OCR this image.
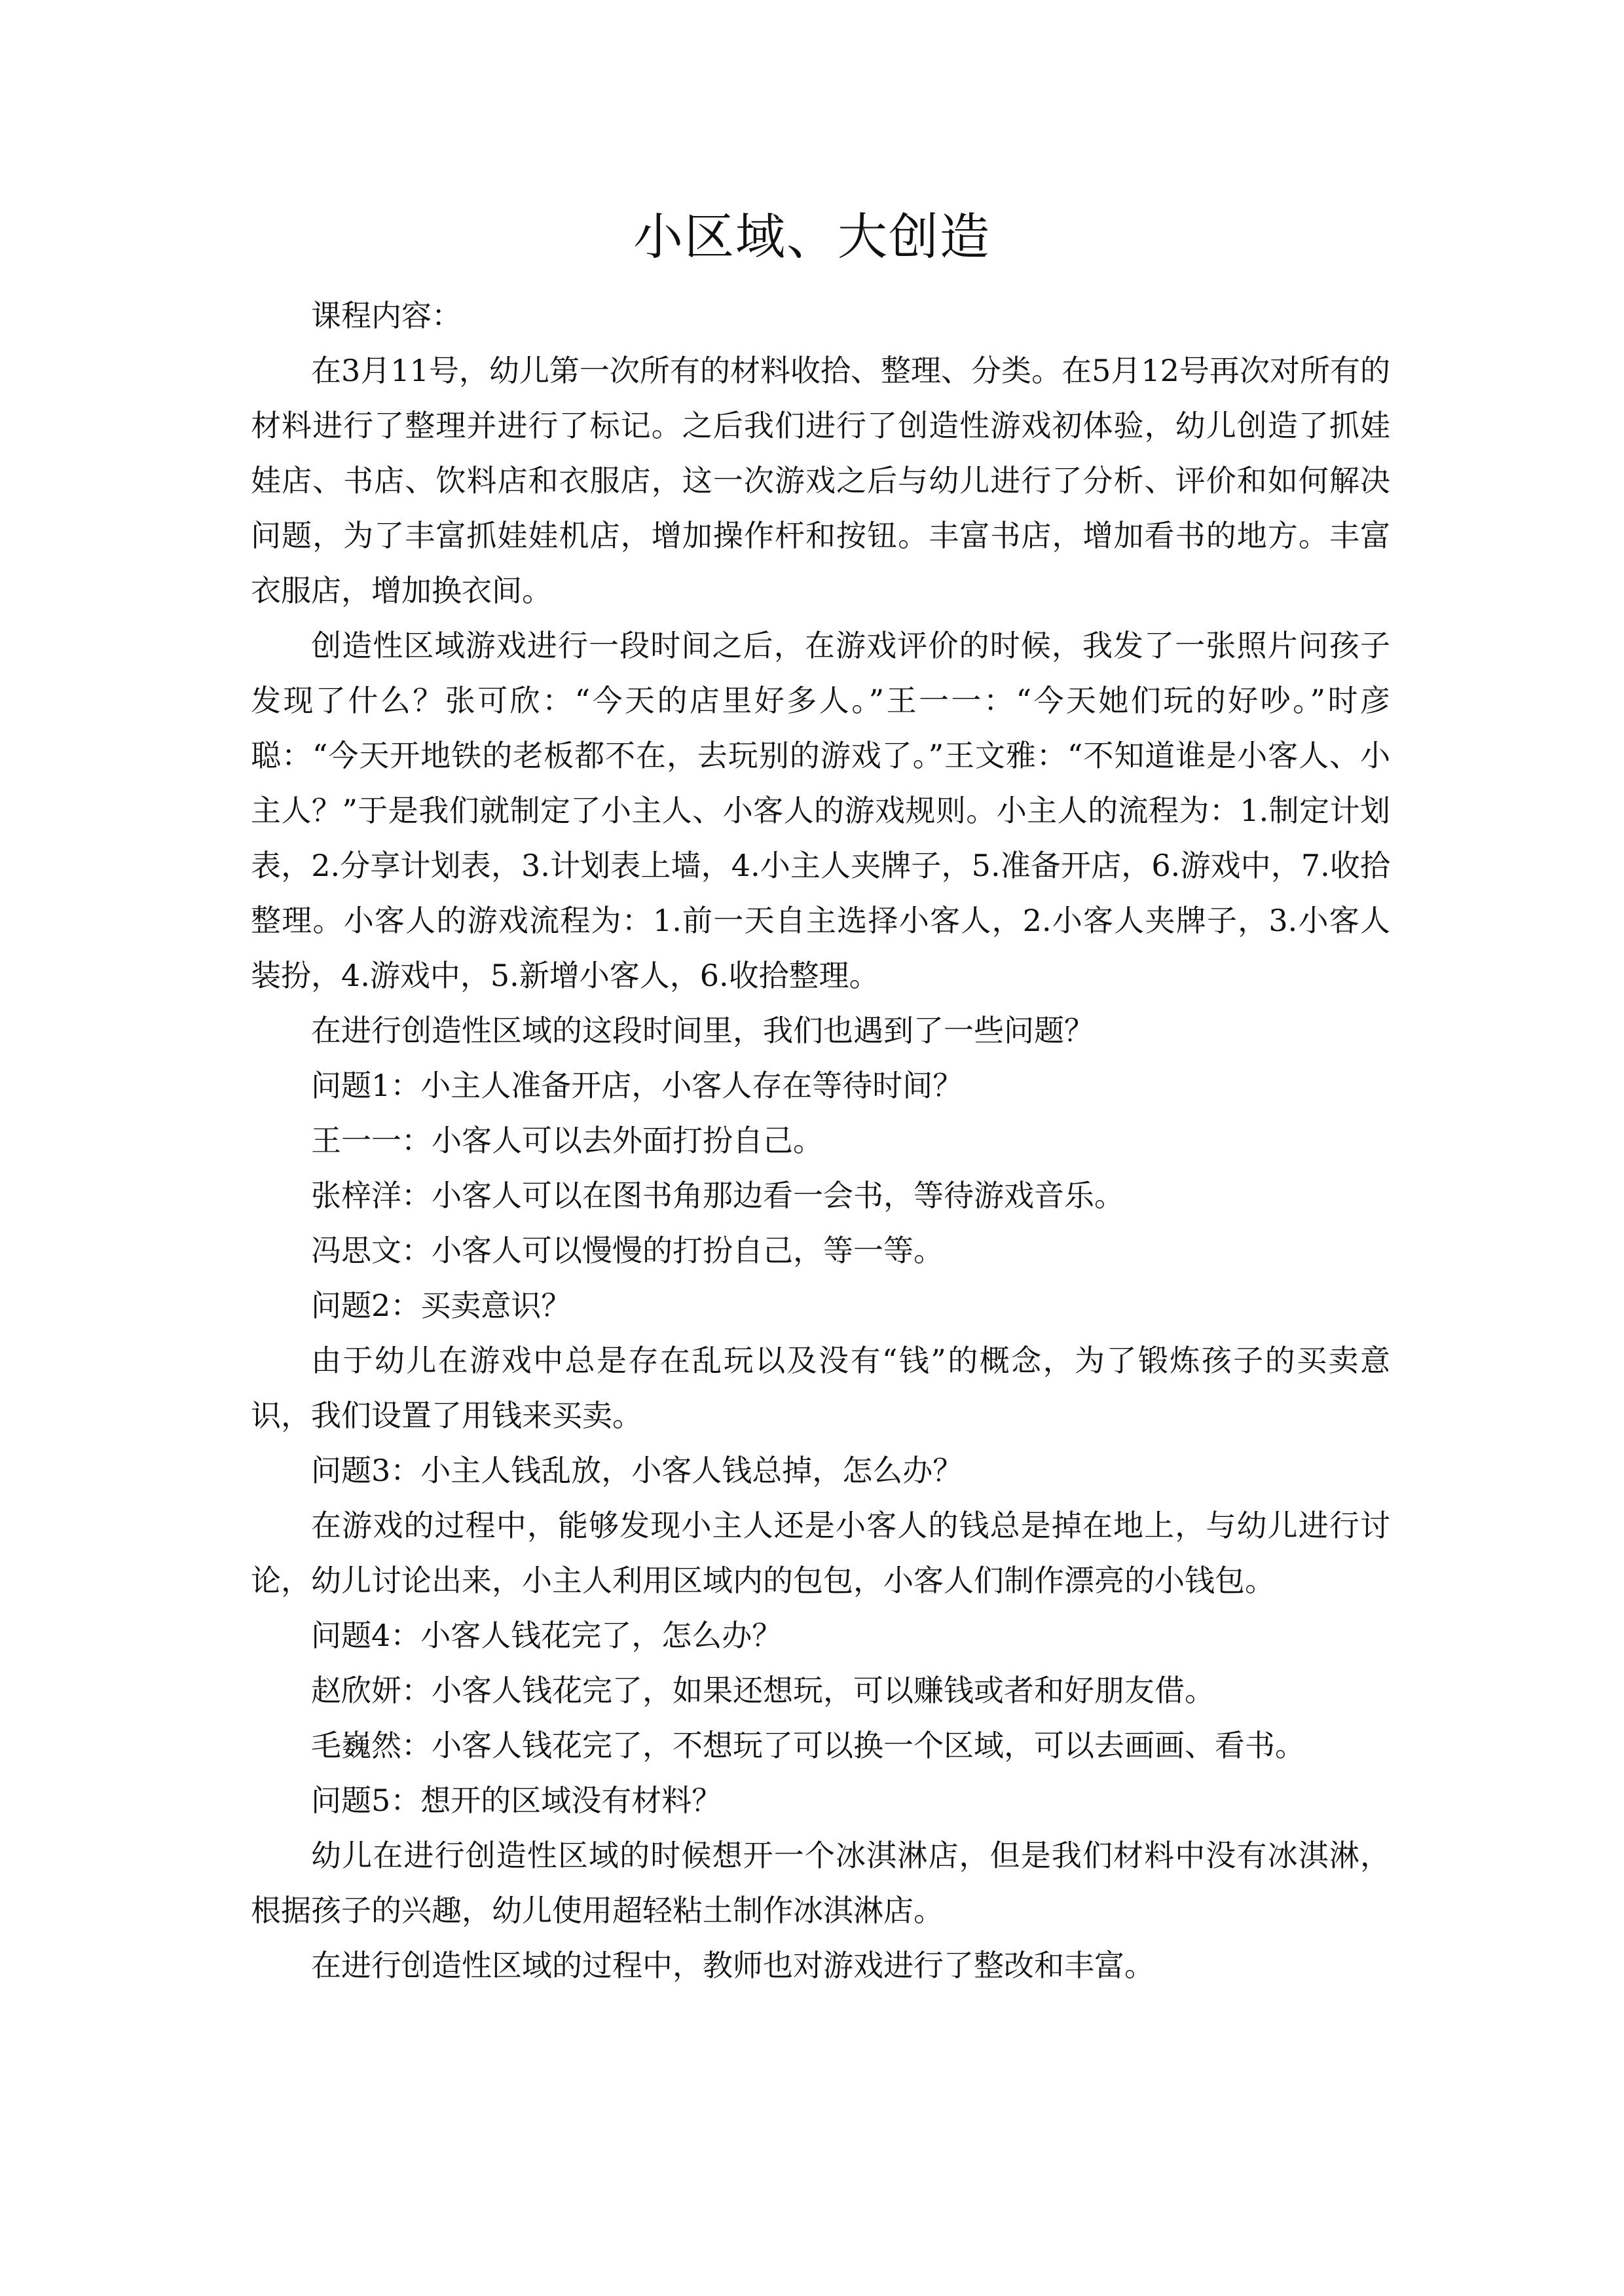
小区域、大创造

课程内容：

在3月11号，幼儿第一次所有的材料收拾、整理、分类。在5月12号再次对所有的材料进行了整理并进行了标记。之后我们进行了创造性游戏初体验，幼儿创造了抓娃娃店、书店、饮料店和衣服店，这一次游戏之后与幼儿进行了分析、评价和如何解决问题，为了丰富抓娃娃机店，增加操作杆和按钮。丰富书店，增加看书的地方。丰富衣服店，增加换衣间。

创造性区域游戏进行一段时间之后，在游戏评价的时候，我发了一张照片问孩子发现了什么？张可欣：“今天的店里好多人。”王一一：“今天她们玩的好吵。”时彦聪：“今天开地铁的老板都不在，去玩别的游戏了。”王文雅：“不知道谁是小客人、小主人？”于是我们就制定了小主人、小客人的游戏规则。小主人的流程为：1.制定计划表，2.分享计划表，3.计划表上墙，4.小主人夹牌子，5.准备开店，6.游戏中，7.收拾整理。小客人的游戏流程为：1.前一天自主选择小客人，2.小客人夹牌子，3.小客人装扮，4.游戏中，5.新增小客人，6.收拾整理。

在进行创造性区域的这段时间里，我们也遇到了一些问题？

问题1：小主人准备开店，小客人存在等待时间？

王一一：小客人可以去外面打扮自己。

张梓洋：小客人可以在图书角那边看一会书，等待游戏音乐。

冯思文：小客人可以慢慢的打扮自己，等一等。

问题2：买卖意识？

由于幼儿在游戏中总是存在乱玩以及没有“钱”的概念，为了锻炼孩子的买卖意识，我们设置了用钱来买卖。

问题3：小主人钱乱放，小客人钱总掉，怎么办？

在游戏的过程中，能够发现小主人还是小客人的钱总是掉在地上，与幼儿进行讨论，幼儿讨论出来，小主人利用区域内的包包，小客人们制作漂亮的小钱包。

问题4：小客人钱花完了，怎么办？

赵欣妍：小客人钱花完了，如果还想玩，可以赚钱或者和好朋友借。

毛巍然：小客人钱花完了，不想玩了可以换一个区域，可以去画画、看书。

问题5：想开的区域没有材料？

幼儿在进行创造性区域的时候想开一个冰淇淋店，但是我们材料中没有冰淇淋，根据孩子的兴趣，幼儿使用超轻粘土制作冰淇淋店。

在进行创造性区域的过程中，教师也对游戏进行了整改和丰富。
